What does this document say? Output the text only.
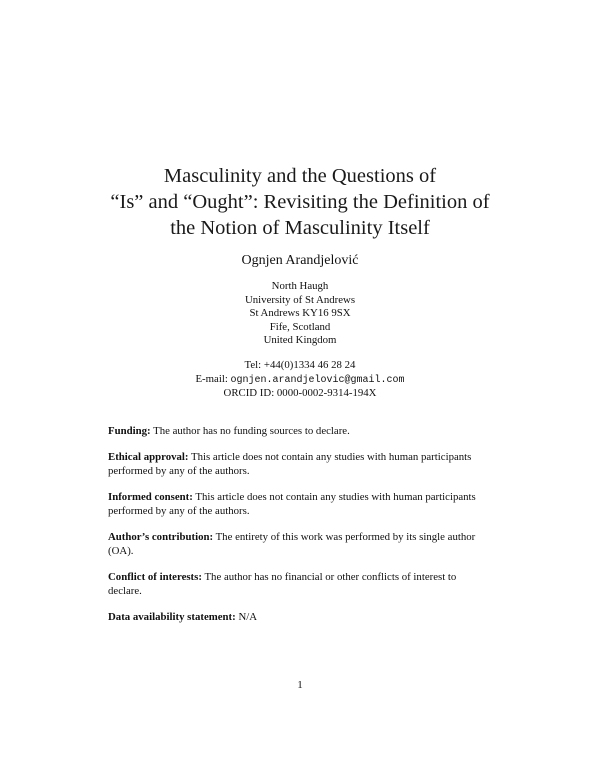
Masculinity and the Questions of
“Is” and “Ought”: Revisiting the Definition of
the Notion of Masculinity Itself
Ognjen Arandjelović
North Haugh
University of St Andrews
St Andrews KY16 9SX
Fife, Scotland
United Kingdom
Tel: +44(0)1334 46 28 24
E-mail: ognjen.arandjelovic@gmail.com
ORCID ID: 0000-0002-9314-194X
Funding: The author has no funding sources to declare.
Ethical approval: This article does not contain any studies with human participants performed by any of the authors.
Informed consent: This article does not contain any studies with human participants performed by any of the authors.
Author’s contribution: The entirety of this work was performed by its single author (OA).
Conflict of interests: The author has no financial or other conflicts of interest to declare.
Data availability statement: N/A
1
